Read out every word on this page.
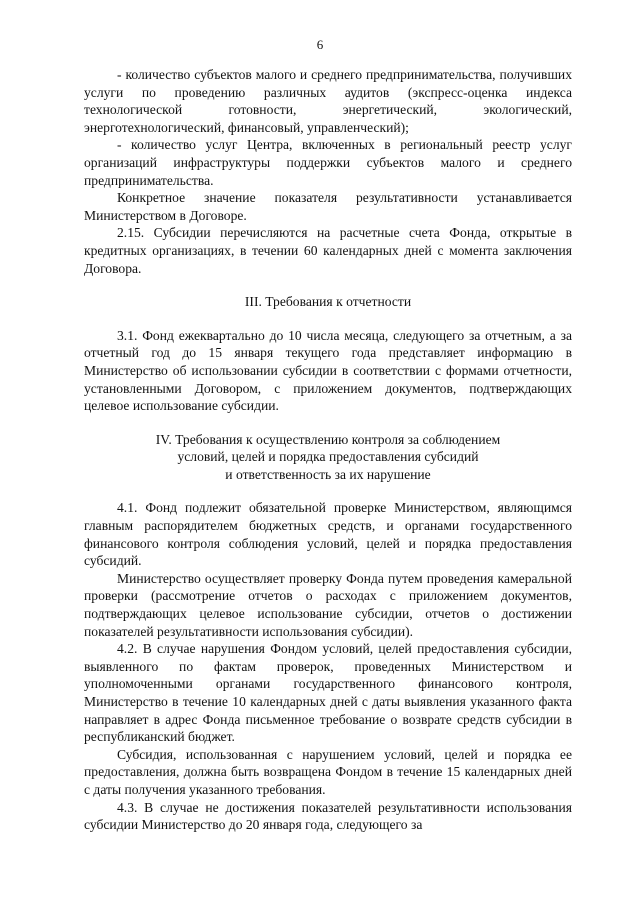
6

- количество субъектов малого и среднего предпринимательства, получивших услуги по проведению различных аудитов (экспресс-оценка индекса технологической готовности, энергетический, экологический, энерготехнологический, финансовый, управленческий);

- количество услуг Центра, включенных в региональный реестр услуг организаций инфраструктуры поддержки субъектов малого и среднего предпринимательства.

Конкретное значение показателя результативности устанавливается Министерством в Договоре.

2.15. Субсидии перечисляются на расчетные счета Фонда, открытые в кредитных организациях, в течении 60 календарных дней с момента заключения Договора.

III. Требования к отчетности

3.1. Фонд ежеквартально до 10 числа месяца, следующего за отчетным, а за отчетный год до 15 января текущего года представляет информацию в Министерство об использовании субсидии в соответствии с формами отчетности, установленными Договором, с приложением документов, подтверждающих целевое использование субсидии.

IV. Требования к осуществлению контроля за соблюдением

условий, целей и порядка предоставления субсидий

и ответственность за их нарушение

4.1. Фонд подлежит обязательной проверке Министерством, являющимся главным распорядителем бюджетных средств, и органами государственного финансового контроля соблюдения условий, целей и порядка предоставления субсидий.

Министерство осуществляет проверку Фонда путем проведения камеральной проверки (рассмотрение отчетов о расходах с приложением документов, подтверждающих целевое использование субсидии, отчетов о достижении показателей результативности использования субсидии).

4.2. В случае нарушения Фондом условий, целей предоставления субсидии, выявленного по фактам проверок, проведенных Министерством и уполномоченными органами государственного финансового контроля, Министерство в течение 10 календарных дней с даты выявления указанного факта направляет в адрес Фонда письменное требование о возврате средств субсидии в республиканский бюджет.

Субсидия, использованная с нарушением условий, целей и порядка ее предоставления, должна быть возвращена Фондом в течение 15 календарных дней с даты получения указанного требования.

4.3. В случае не достижения показателей результативности использования субсидии Министерство до 20 января года, следующего за
